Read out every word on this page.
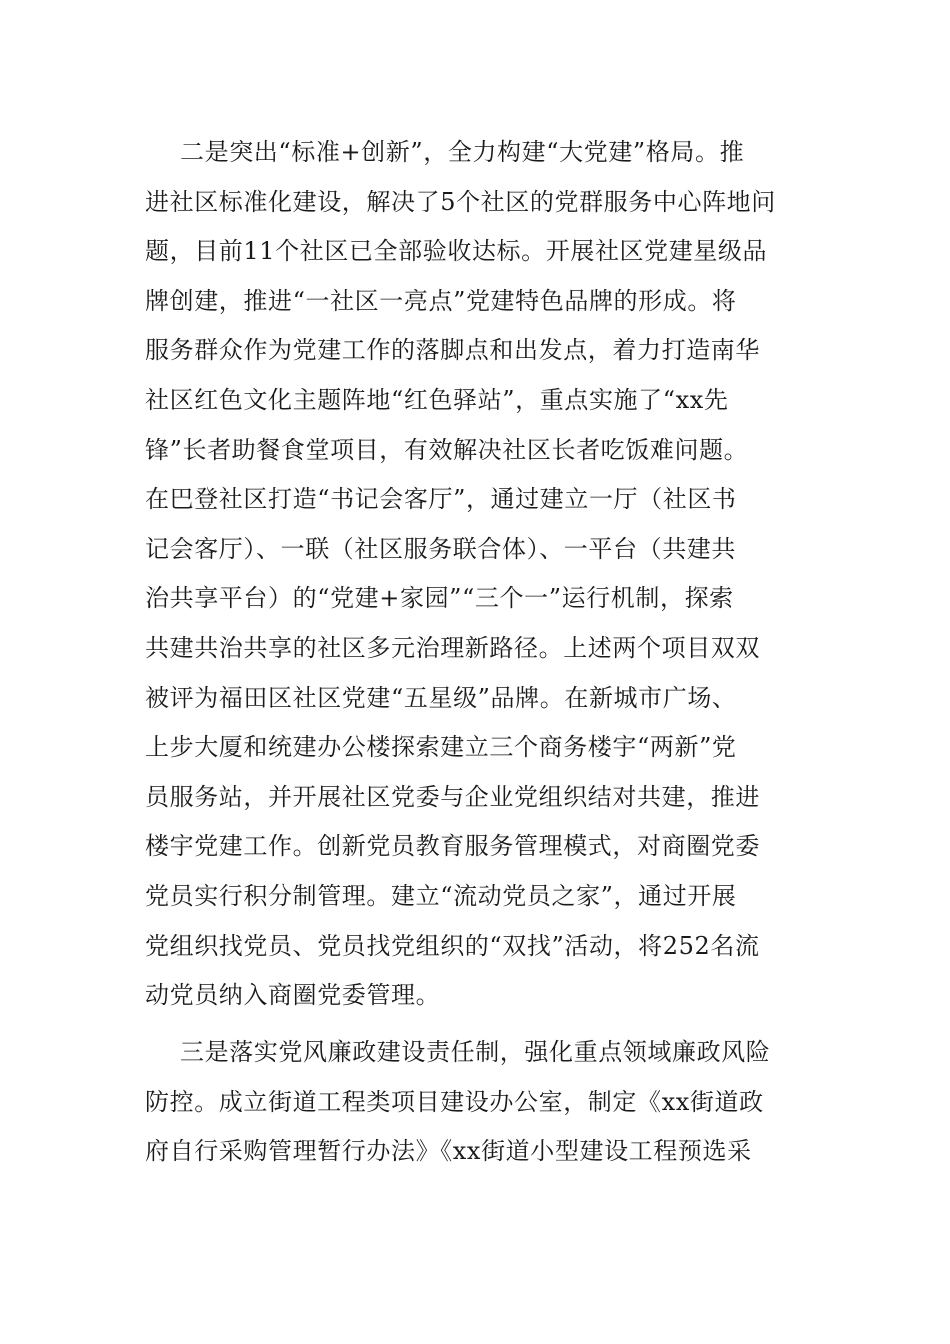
二是突出“标准+创新”，全力构建“大党建”格局。推
进社区标准化建设，解决了5个社区的党群服务中心阵地问
题，目前11个社区已全部验收达标。开展社区党建星级品
牌创建，推进“一社区一亮点”党建特色品牌的形成。将
服务群众作为党建工作的落脚点和出发点，着力打造南华
社区红色文化主题阵地“红色驿站”，重点实施了“xx先
锋”长者助餐食堂项目，有效解决社区长者吃饭难问题。
在巴登社区打造“书记会客厅”，通过建立一厅（社区书
记会客厅）、一联（社区服务联合体）、一平台（共建共
治共享平台）的“党建+家园”“三个一”运行机制，探索
共建共治共享的社区多元治理新路径。上述两个项目双双
被评为福田区社区党建“五星级”品牌。在新城市广场、
上步大厦和统建办公楼探索建立三个商务楼宇“两新”党
员服务站，并开展社区党委与企业党组织结对共建，推进
楼宇党建工作。创新党员教育服务管理模式，对商圈党委
党员实行积分制管理。建立“流动党员之家”，通过开展
党组织找党员、党员找党组织的“双找”活动，将252名流
动党员纳入商圈党委管理。
三是落实党风廉政建设责任制，强化重点领域廉政风险
防控。成立街道工程类项目建设办公室，制定《xx街道政
府自行采购管理暂行办法》《xx街道小型建设工程预选采
